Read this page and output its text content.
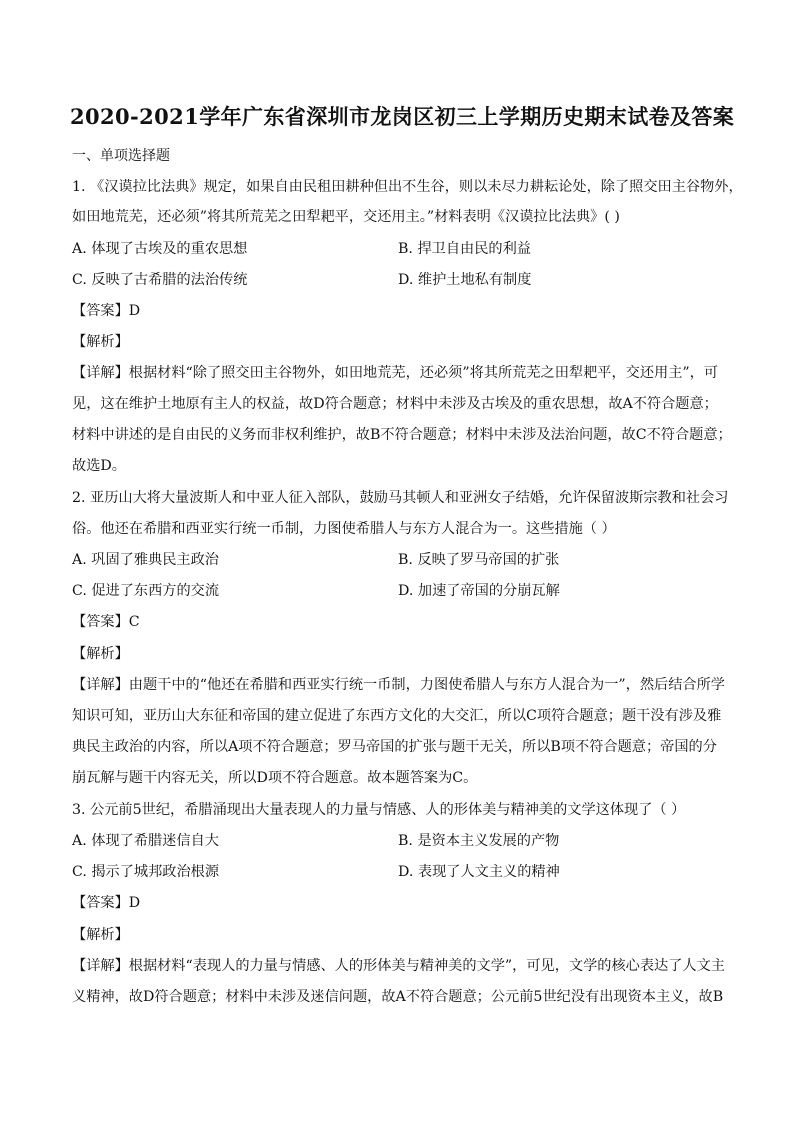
2020-2021学年广东省深圳市龙岗区初三上学期历史期末试卷及答案
一、单项选择题
1. 《汉谟拉比法典》规定，如果自由民租田耕种但出不生谷，则以未尽力耕耘论处，除了照交田主谷物外，
如田地荒芜，还必须”将其所荒芜之田犁耙平，交还用主。”材料表明《汉谟拉比法典》( )
A. 体现了古埃及的重农思想	B. 捍卫自由民的利益
C. 反映了古希腊的法治传统	D. 维护土地私有制度
【答案】D
【解析】
【详解】根据材料“除了照交田主谷物外，如田地荒芜，还必须”将其所荒芜之田犁耙平，交还用主”，可
见，这在维护土地原有主人的权益，故D符合题意；材料中未涉及古埃及的重农思想，故A不符合题意；
材料中讲述的是自由民的义务而非权利维护，故B不符合题意；材料中未涉及法治问题，故C不符合题意；
故选D。
2. 亚历山大将大量波斯人和中亚人征入部队，鼓励马其顿人和亚洲女子结婚，允许保留波斯宗教和社会习
俗。他还在希腊和西亚实行统一币制，力图使希腊人与东方人混合为一。这些措施（ ）
A. 巩固了雅典民主政治	B. 反映了罗马帝国的扩张
C. 促进了东西方的交流	D. 加速了帝国的分崩瓦解
【答案】C
【解析】
【详解】由题干中的“他还在希腊和西亚实行统一币制，力图使希腊人与东方人混合为一”，然后结合所学
知识可知，亚历山大东征和帝国的建立促进了东西方文化的大交汇，所以C项符合题意；题干没有涉及雅
典民主政治的内容，所以A项不符合题意；罗马帝国的扩张与题干无关，所以B项不符合题意；帝国的分
崩瓦解与题干内容无关，所以D项不符合题意。故本题答案为C。
3. 公元前5世纪，希腊涌现出大量表现人的力量与情感、人的形体美与精神美的文学这体现了（ ）
A. 体现了希腊迷信自大	B. 是资本主义发展的产物
C. 揭示了城邦政治根源	D. 表现了人文主义的精神
【答案】D
【解析】
【详解】根据材料“表现人的力量与情感、人的形体美与精神美的文学”，可见，文学的核心表达了人文主
义精神，故D符合题意；材料中未涉及迷信问题，故A不符合题意；公元前5世纪没有出现资本主义，故B
